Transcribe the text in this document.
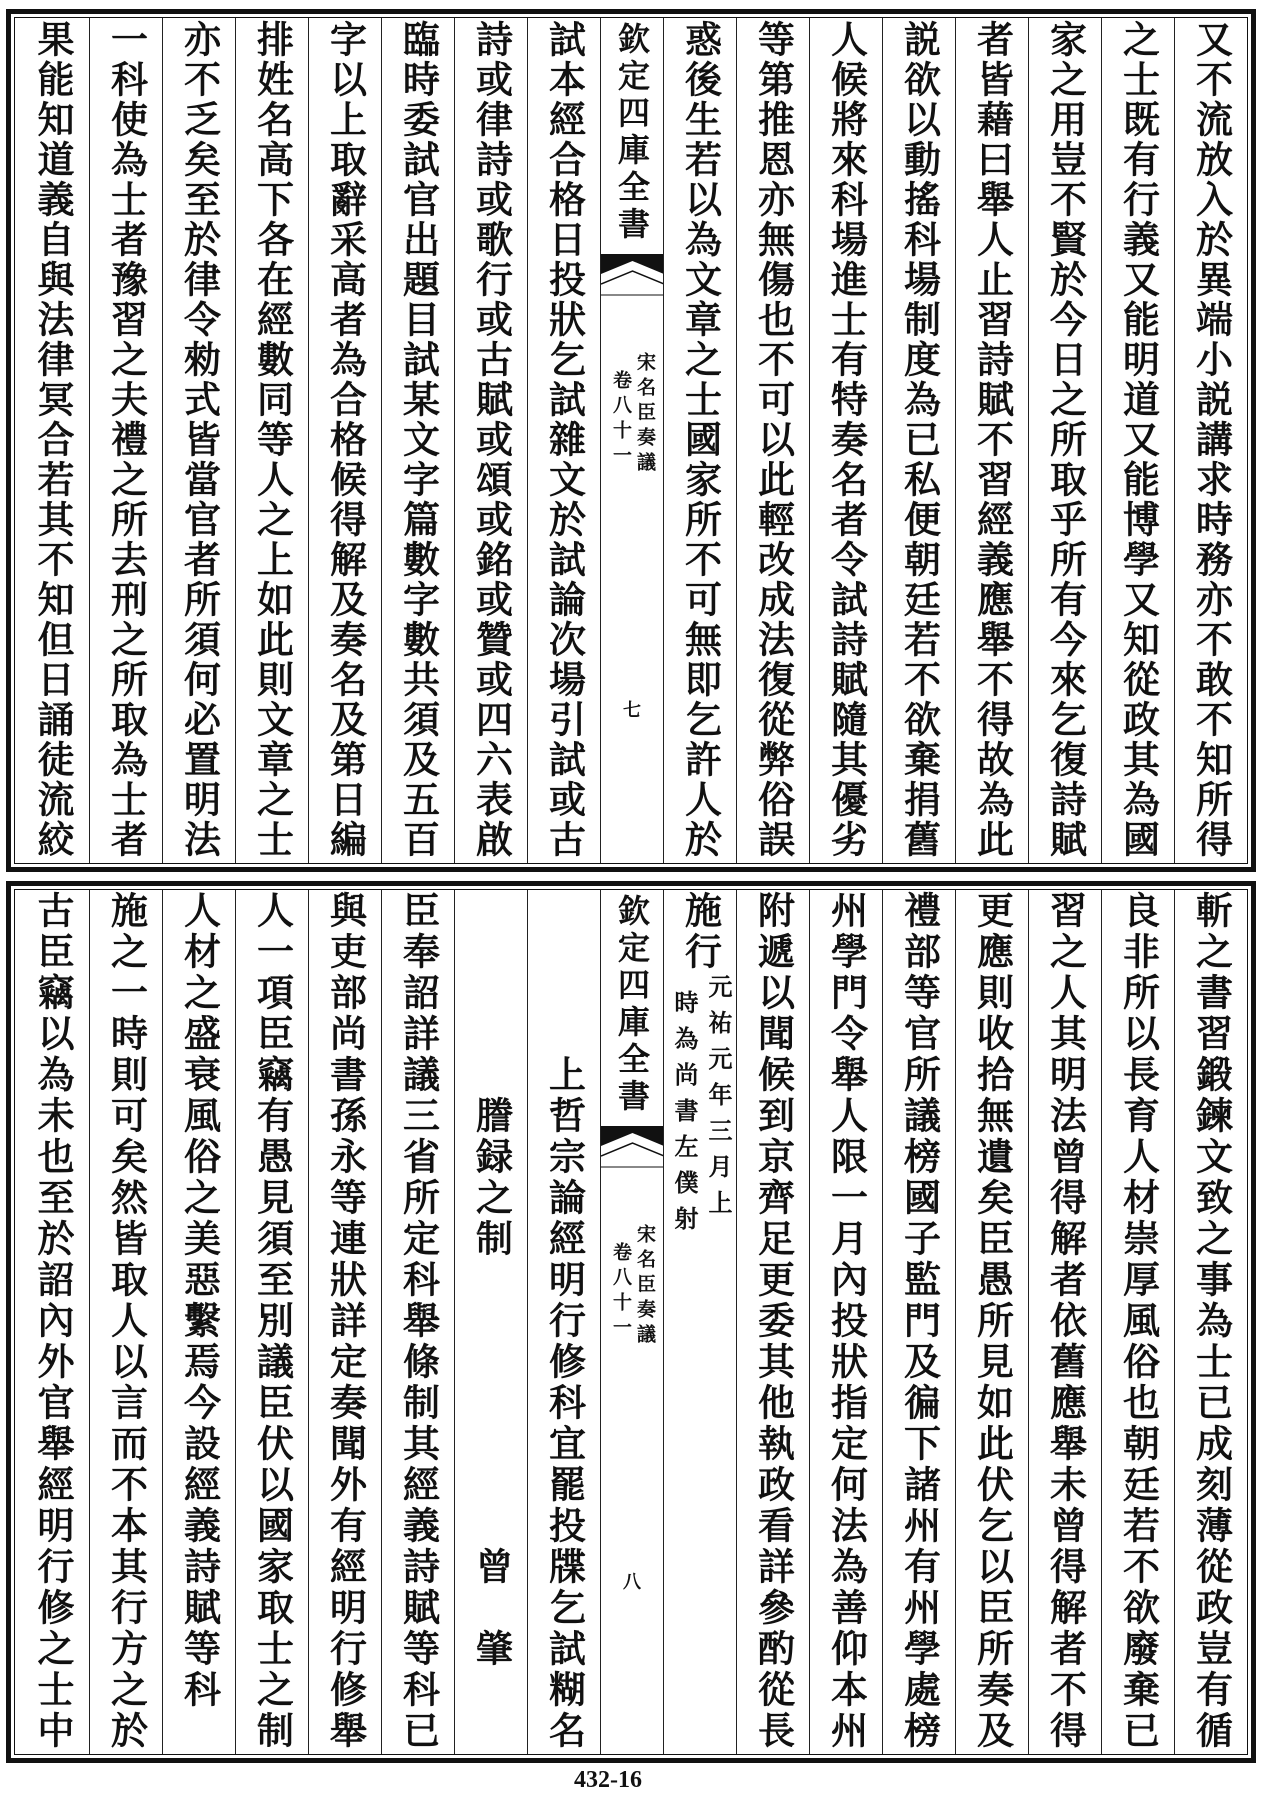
又不流放入於異端小説講求時務亦不敢不知所得
之士既有行義又能明道又能博學又知從政其為國
家之用豈不賢於今日之所取乎所有今來乞復詩賦
者皆藉曰舉人止習詩賦不習經義應舉不得故為此
説欲以動搖科場制度為已私便朝廷若不欲棄捐舊
人候將來科場進士有特奏名者令試詩賦隨其優劣
等第推恩亦無傷也不可以此輕改成法復從弊俗誤
惑後生若以為文章之士國家所不可無即乞許人於
欽定四庫全書
宋名臣奏議
卷八十一
七
試本經合格日投狀乞試雜文於試論次場引試或古
詩或律詩或歌行或古賦或頌或銘或贊或四六表啟
臨時委試官出題目試某文字篇數字數共須及五百
字以上取辭采高者為合格候得解及奏名及第日編
排姓名高下各在經數同等人之上如此則文章之士
亦不乏矣至於律令勑式皆當官者所須何必置明法
一科使為士者豫習之夫禮之所去刑之所取為士者
果能知道義自與法律冥合若其不知但日誦徒流絞
斬之書習鍛鍊文致之事為士已成刻薄從政豈有循
良非所以長育人材崇厚風俗也朝廷若不欲廢棄已
習之人其明法曾得解者依舊應舉未曾得解者不得
更應則收拾無遺矣臣愚所見如此伏乞以臣所奏及
禮部等官所議榜國子監門及徧下諸州有州學處榜
州學門令舉人限一月內投狀指定何法為善仰本州
附遞以聞候到京齊足更委其他執政看詳參酌從長
施行
元祐元年三月上
時為尚書左僕射
欽定四庫全書
宋名臣奏議
卷八十一
八
上哲宗論經明行修科宜罷投牒乞試糊名
謄録之制
曾肇
臣奉詔詳議三省所定科舉條制其經義詩賦等科已
與吏部尚書孫永等連狀詳定奏聞外有經明行修舉
人一項臣竊有愚見須至別議臣伏以國家取士之制
人材之盛衰風俗之美惡繫焉今設經義詩賦等科
施之一時則可矣然皆取人以言而不本其行方之於
古臣竊以為未也至於詔內外官舉經明行修之士中
432-16
